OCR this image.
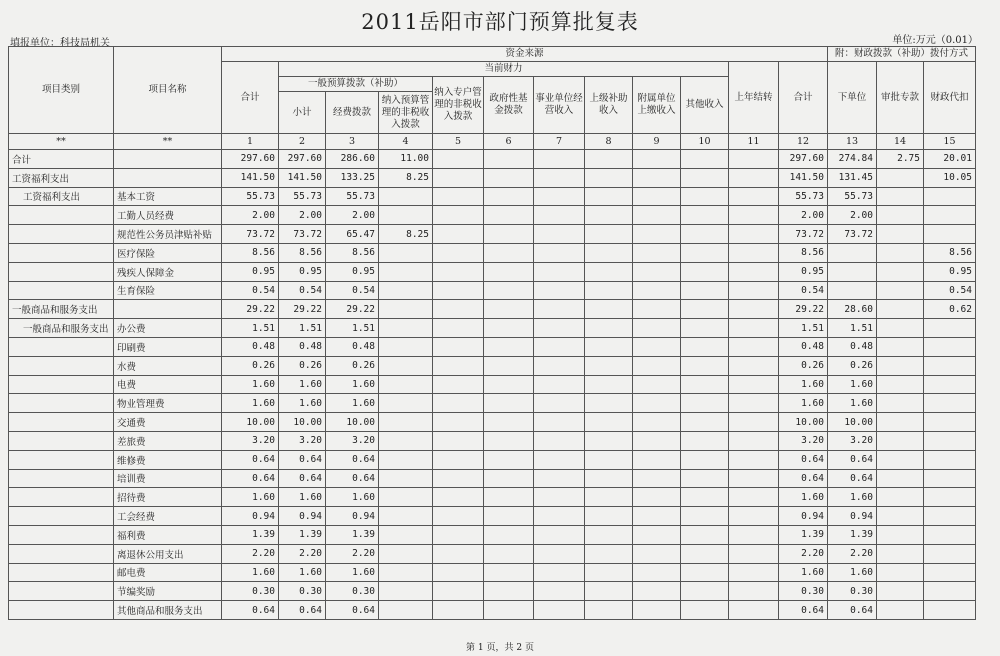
2011岳阳市部门预算批复表
填报单位：科技局机关	单位:万元（0.01）
项目类别	项目名称	资金来源												附：财政拨款（补助）拨付方式		
		合计	当前财力									上年结转	合计	下单位	审批专款	财政代扣
			一般预算拨款（补助）			纳入专户管理的非税收入拨款	政府性基金拨款	事业单位经营收入	上级补助收入	附属单位上缴收入	其他收入					
			小计	经费拨款	纳入预算管理的非税收入拨款											
**	**	1	2	3	4	5	6	7	8	9	10	11	12	13	14	15
合计		297.60	297.60	286.60	11.00								297.60	274.84	2.75	20.01
工资福利支出		141.50	141.50	133.25	8.25								141.50	131.45		10.05
工资福利支出	基本工资	55.73	55.73	55.73									55.73	55.73		
	工勤人员经费	2.00	2.00	2.00									2.00	2.00		
	规范性公务员津贴补贴	73.72	73.72	65.47	8.25								73.72	73.72		
	医疗保险	8.56	8.56	8.56									8.56			8.56
	残疾人保障金	0.95	0.95	0.95									0.95			0.95
	生育保险	0.54	0.54	0.54									0.54			0.54
一般商品和服务支出		29.22	29.22	29.22									29.22	28.60		0.62
一般商品和服务支出	办公费	1.51	1.51	1.51									1.51	1.51		
	印刷费	0.48	0.48	0.48									0.48	0.48		
	水费	0.26	0.26	0.26									0.26	0.26		
	电费	1.60	1.60	1.60									1.60	1.60		
	物业管理费	1.60	1.60	1.60									1.60	1.60		
	交通费	10.00	10.00	10.00									10.00	10.00		
	差旅费	3.20	3.20	3.20									3.20	3.20		
	维修费	0.64	0.64	0.64									0.64	0.64		
	培训费	0.64	0.64	0.64									0.64	0.64		
	招待费	1.60	1.60	1.60									1.60	1.60		
	工会经费	0.94	0.94	0.94									0.94	0.94		
	福利费	1.39	1.39	1.39									1.39	1.39		
	离退休公用支出	2.20	2.20	2.20									2.20	2.20		
	邮电费	1.60	1.60	1.60									1.60	1.60		
	节编奖励	0.30	0.30	0.30									0.30	0.30		
	其他商品和服务支出	0.64	0.64	0.64									0.64	0.64		
第 1 页，共 2 页
